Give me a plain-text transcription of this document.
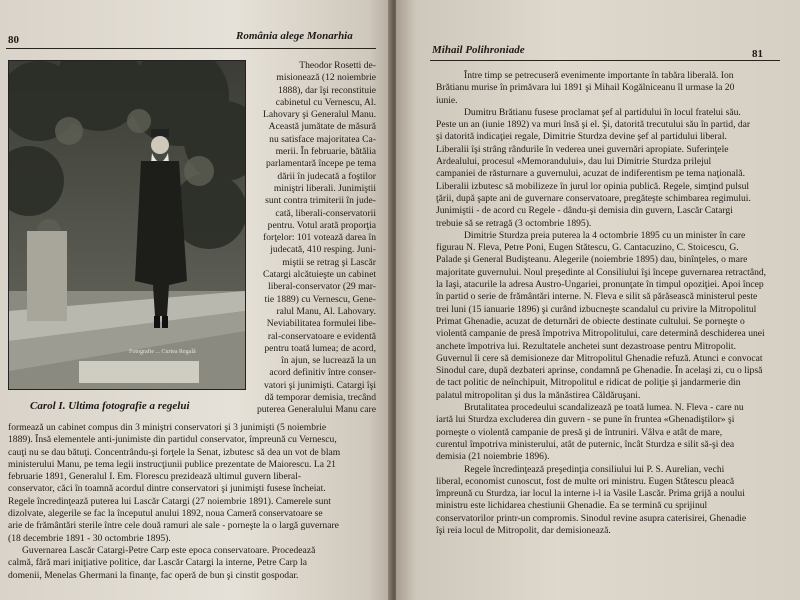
80	România alege Monarhia
Fotografie ... Curtea Regală
Carol I. Ultima fotografie a regelui
Theodor Rosetti de-
misionează (12 noiembrie
1888), dar îşi reconstituie
cabinetul cu Vernescu, Al.
Lahovary şi Generalul Manu.
Această jumătate de măsură
nu satisface majoritatea Ca-
merii. În februarie, bătălia
parlamentară începe pe tema
dării în judecată a foştilor
miniştri liberali. Junimiştii
sunt contra trimiterii în jude-
cată, liberali-conservatorii
pentru. Votul arată proporţia
forţelor: 101 votează darea în
judecată, 410 resping. Juni-
miştii se retrag şi Lascăr
Catargi alcătuieşte un cabinet
liberal-conservator (29 mar-
tie 1889) cu Vernescu, Gene-
ralul Manu, Al. Lahovary.
Neviabilitatea formulei libe-
ral-conservatoare e evidentă
pentru toată lumea; de acord,
în ajun, se lucrează la un
acord definitiv între conser-
vatori şi junimişti. Catargi îşi
dă temporar demisia, trecând
puterea Generalului Manu care
formează un cabinet compus din 3 miniştri conservatori şi 3 junimişti (5 noiembrie
1889). Însă elementele anti-junimiste din partidul conservator, împreună cu Vernescu,
cauţi nu se dau bătuţi. Concentrându-şi forţele la Senat, izbutesc să dea un vot de blam
ministerului Manu, pe tema legii instrucţiunii publice prezentate de Maiorescu. La 21
februarie 1891, Generalul I. Em. Florescu prezidează ultimul guvern liberal-
conservator, căci în toamnă acordul dintre conservatori şi junimişti fusese încheiat.
Regele încredinţează puterea lui Lascăr Catargi (27 noiembrie 1891). Camerele sunt
dizolvate, alegerile se fac la începutul anului 1892, noua Cameră conservatoare se
arie de frământări sterile între cele două ramuri ale sale - porneşte la o largă guvernare
(18 decembrie 1891 - 30 octombrie 1895).
Guvernarea Lascăr Catargi-Petre Carp este epoca conservatoare. Procedează
calmă, fără mari iniţiative politice, dar Lascăr Catargi la interne, Petre Carp la
domenii, Menelas Ghermani la finanţe, fac operă de bun şi cinstit gospodar.
Mihail Polihroniade	81
Între timp se petrecuseră evenimente importante în tabăra liberală. Ion
Brătianu murise în primăvara lui 1891 şi Mihail Kogălniceanu îl urmase la 20
iunie.
Dumitru Brătianu fusese proclamat şef al partidului în locul fratelui său.
Peste un an (iunie 1892) va muri însă şi el. Şi, datorită trecutului său în partid, dar
şi datorită indicaţiei regale, Dimitrie Sturdza devine şef al partidului liberal.
Liberalii îşi strâng rândurile în vederea unei guvernări apropiate. Suferinţele
Ardealului, procesul «Memorandului», dau lui Dimitrie Sturdza prilejul
campaniei de răsturnare a guvernului, acuzat de indiferentism pe tema naţională.
Liberalii izbutesc să mobilizeze în jurul lor opinia publică. Regele, simţind pulsul
ţării, după şapte ani de guvernare conservatoare, pregăteşte schimbarea regimului.
Junimiştii - de acord cu Regele - dându-şi demisia din guvern, Lascăr Catargi
trebuie să se retragă (3 octombrie 1895).
Dimitrie Sturdza preia puterea la 4 octombrie 1895 cu un minister în care
figurau N. Fleva, Petre Poni, Eugen Stătescu, G. Cantacuzino, C. Stoicescu, G.
Palade şi General Budişteanu. Alegerile (noiembrie 1895) dau, binînţeles, o mare
majoritate guvernului. Noul preşedinte al Consiliului îşi începe guvernarea retractând,
la Iaşi, atacurile la adresa Austro-Ungariei, pronunţate în timpul opoziţiei. Apoi încep
în partid o serie de frământări interne. N. Fleva e silit să părăsească ministerul peste
trei luni (15 ianuarie 1896) şi curând izbucneşte scandalul cu privire la Mitropolitul
Primat Ghenadie, acuzat de deturnări de obiecte destinate cultului. Se porneşte o
violentă campanie de presă împotriva Mitropolitului, care determină deschiderea unei
anchete împotriva lui. Rezultatele anchetei sunt dezastroase pentru Mitropolit.
Guvernul îi cere să demisioneze dar Mitropolitul Ghenadie refuză. Atunci e convocat
Sinodul care, după dezbateri aprinse, condamnă pe Ghenadie. În acelaşi zi, cu o lipsă
de tact politic de neînchipuit, Mitropolitul e ridicat de poliţie şi jandarmerie din
palatul mitropolitan şi dus la mănăstirea Căldăruşani.
Brutalitatea procedeului scandalizează pe toată lumea. N. Fleva - care nu
iartă lui Sturdza excluderea din guvern - se pune în fruntea «Ghenadiştilor» şi
porneşte o violentă campanie de presă şi de întruniri. Vâlva e atât de mare,
curentul împotriva ministerului, atât de puternic, încât Sturdza e silit să-şi dea
demisia (21 noiembrie 1896).
Regele încredinţează preşedinţia consiliului lui P. S. Aurelian, vechi
liberal, economist cunoscut, fost de multe ori ministru. Eugen Stătescu pleacă
împreună cu Sturdza, iar locul la interne i-l ia Vasile Lascăr. Prima grijă a noului
ministru este lichidarea chestiunii Ghenadie. Ea se termină cu sprijinul
conservatorilor printr-un compromis. Sinodul revine asupra caterisirei, Ghenadie
îşi reia locul de Mitropolit, dar demisionează.
